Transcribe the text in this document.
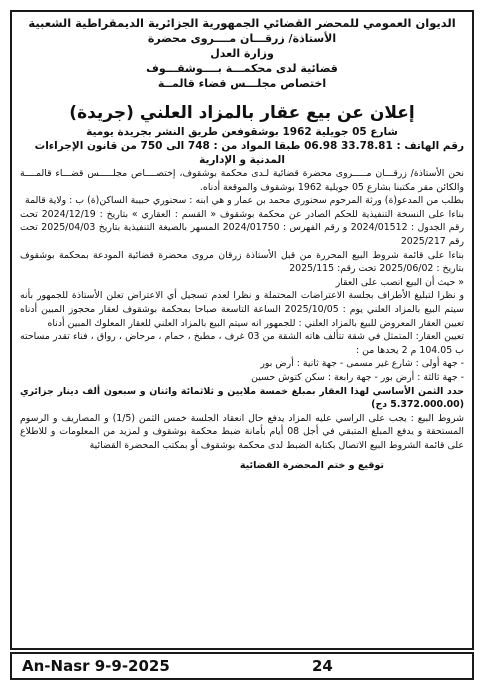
الديوان العمومي للمحضر القضائي الجمهورية الجزائرية الديمقراطية الشعبية
الأستاذة/ زرقـــان مــــروى محضرة
وزارة العدل
قضائية لدى محكمـــة بــــوشقـــوف
اختصاص مجلـــس قضاء قالمــة
إعلان عن بيع عقار بالمزاد العلني (جريدة)
شارع 05 جويلية 1962 بوشقوفعن طريق النشر بجريدة يومية
رقم الهاتف : 33.78.81 06.98 طبقا المواد من : 748 الى 750 من قانون الإجراءات
المدنية و الإدارية

نحن الأستاذة/ زرقـــان مـــــروى محضرة قضائية لـدى محكمة بوشقوف، إختصــــاص مجلـــــس قضـــاء قالمــــة والكائن مقر مكتبنا بشارع 05 جويلية 1962 بوشقوف والموقعة أدناه.

بطلب من المدعو(ة) ورثة المرحوم سحنوري محمد بن عمار و هي ابنه : سحنوري حبيبة الساكن(ة) ب : ولاية قالمة

بناءا على النسخة التنفيذية للحكم الصادر عن محكمة بوشقوف « القسم : العقاري » بتاريخ : 2024/12/19 تحت رقم الجدول : 2024/01512 و رقم الفهرس : 2024/01750 المسهر بالصيغة التنفيذية بتاريخ 2025/04/03 تحت رقم 2025/217

بناءا على قائمة شروط البيع المحررة من قبل الأستاذة زرقان مروى محضرة قضائية المودعة بمحكمة بوشقوف بتاريخ : 2025/06/02 تحت رقم: 2025/115

« حيث أن البيع انصب على العقار

و نظرا لتبليغ الأطراف بجلسة الاعتراضات المحتملة و نظرا لعدم تسجيل أي الاعتراض تعلن الأستاذة للجمهور بأنه سيتم البيع بالمزاد العلني يوم : 2025/10/05 الساعة التاسعة صباحا بمحكمة بوشقوف لعقار محجوز المبين أدناه تعيين العقار المعروض للبيع بالمزاد العلني : للجمهور انه سيتم البيع بالمزاد العلني للعقار المعلوك المبين أدناه

تعيين العقار: المتمثل في شقة تتألف هاته الشقة من 03 غرف ، مطبخ ، حمام ، مرحاض ، رواق ، فناء تقدر مساحته ب 104.05 م 2 يحدها من :

- جهة أولى : شارع غير مسمى - جهة ثانية : أرض بور

- جهة ثالثة : أرض بور - جهة رابعة : سكن كتوش حسين

حدد الثمن الأساسي لهذا العقار بمبلغ خمسة ملايين و ثلاثمائة واثنان و سبعون ألف دينار جزائري (5.372.000.00 دج)

شروط البيع : يجب على الراسي عليه المزاد يدفع حال انعقاد الجلسة خمس الثمن (1/5) و المصاريف و الرسوم المستحقة و يدفع المبلغ المتبقي في أجل 08 أيام بأمانة ضبط محكمة بوشقوف و لمزيد من المعلومات و للاطلاع على قائمة الشروط البيع الاتصال بكتابة الضبط لدى محكمة بوشقوف أو بمكتب المحضرة القضائية

توقيع و ختم المحضرة القضائية
An-Nasr 9-9-2025	24
